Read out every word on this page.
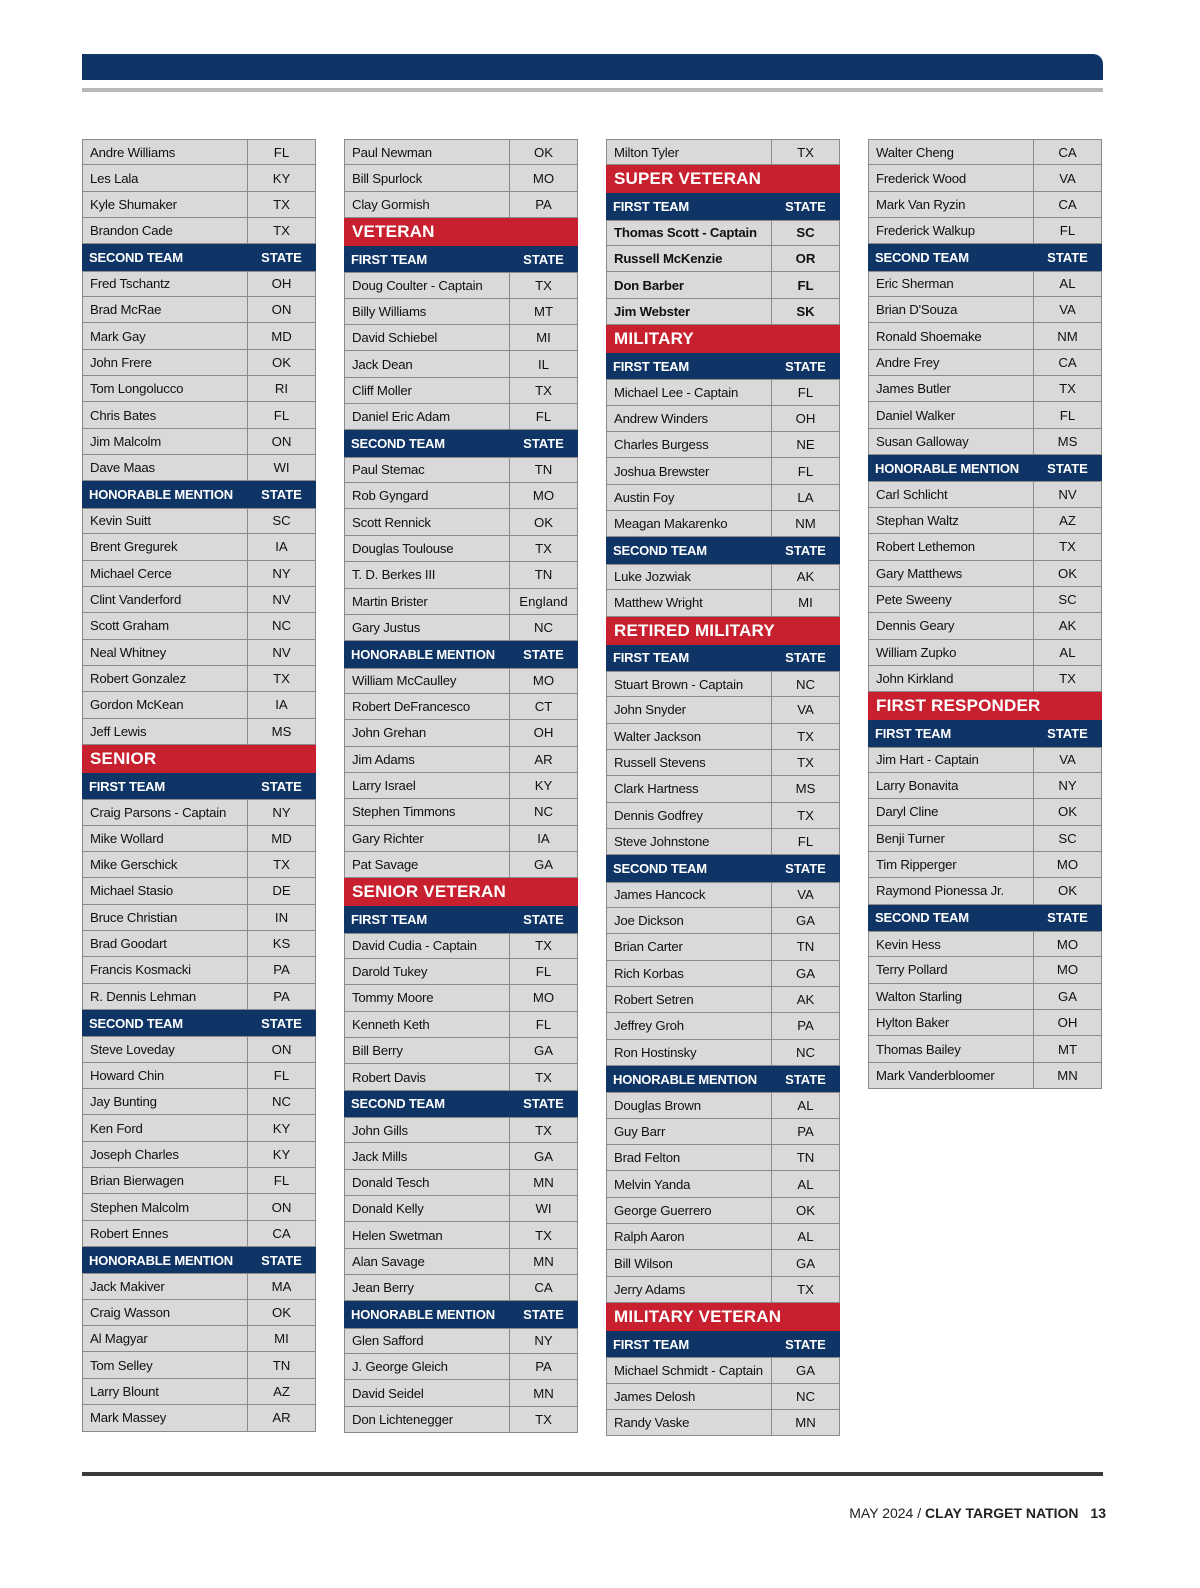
Andre Williams	FL
Les Lala	KY
Kyle Shumaker	TX
Brandon Cade	TX
SECOND TEAM	STATE
Fred Tschantz	OH
Brad McRae	ON
Mark Gay	MD
John Frere	OK
Tom Longolucco	RI
Chris Bates	FL
Jim Malcolm	ON
Dave Maas	WI
HONORABLE MENTION	STATE
Kevin Suitt	SC
Brent Gregurek	IA
Michael Cerce	NY
Clint Vanderford	NV
Scott Graham	NC
Neal Whitney	NV
Robert Gonzalez	TX
Gordon McKean	IA
Jeff Lewis	MS
SENIOR
FIRST TEAM	STATE
Craig Parsons - Captain	NY
Mike Wollard	MD
Mike Gerschick	TX
Michael Stasio	DE
Bruce Christian	IN
Brad Goodart	KS
Francis Kosmacki	PA
R. Dennis Lehman	PA
SECOND TEAM	STATE
Steve Loveday	ON
Howard Chin	FL
Jay Bunting	NC
Ken Ford	KY
Joseph Charles	KY
Brian Bierwagen	FL
Stephen Malcolm	ON
Robert Ennes	CA
HONORABLE MENTION	STATE
Jack Makiver	MA
Craig Wasson	OK
Al Magyar	MI
Tom Selley	TN
Larry Blount	AZ
Mark Massey	AR
Paul Newman	OK
Bill Spurlock	MO
Clay Gormish	PA
VETERAN
FIRST TEAM	STATE
Doug Coulter - Captain	TX
Billy Williams	MT
David Schiebel	MI
Jack Dean	IL
Cliff Moller	TX
Daniel Eric Adam	FL
SECOND TEAM	STATE
Paul Stemac	TN
Rob Gyngard	MO
Scott Rennick	OK
Douglas Toulouse	TX
T. D. Berkes III	TN
Martin Brister	England
Gary Justus	NC
HONORABLE MENTION	STATE
William McCaulley	MO
Robert DeFrancesco	CT
John Grehan	OH
Jim Adams	AR
Larry Israel	KY
Stephen Timmons	NC
Gary Richter	IA
Pat Savage	GA
SENIOR VETERAN
FIRST TEAM	STATE
David Cudia - Captain	TX
Darold Tukey	FL
Tommy Moore	MO
Kenneth Keth	FL
Bill Berry	GA
Robert Davis	TX
SECOND TEAM	STATE
John Gills	TX
Jack Mills	GA
Donald Tesch	MN
Donald Kelly	WI
Helen Swetman	TX
Alan Savage	MN
Jean Berry	CA
HONORABLE MENTION	STATE
Glen Safford	NY
J. George Gleich	PA
David Seidel	MN
Don Lichtenegger	TX
Milton Tyler	TX
SUPER VETERAN
FIRST TEAM	STATE
Thomas Scott - Captain	SC
Russell McKenzie	OR
Don Barber	FL
Jim Webster	SK
MILITARY
FIRST TEAM	STATE
Michael Lee - Captain	FL
Andrew Winders	OH
Charles Burgess	NE
Joshua Brewster	FL
Austin Foy	LA
Meagan Makarenko	NM
SECOND TEAM	STATE
Luke Jozwiak	AK
Matthew Wright	MI
RETIRED MILITARY
FIRST TEAM	STATE
Stuart Brown - Captain	NC
John Snyder	VA
Walter Jackson	TX
Russell Stevens	TX
Clark Hartness	MS
Dennis Godfrey	TX
Steve Johnstone	FL
SECOND TEAM	STATE
James Hancock	VA
Joe Dickson	GA
Brian Carter	TN
Rich Korbas	GA
Robert Setren	AK
Jeffrey Groh	PA
Ron Hostinsky	NC
HONORABLE MENTION	STATE
Douglas Brown	AL
Guy Barr	PA
Brad Felton	TN
Melvin Yanda	AL
George Guerrero	OK
Ralph Aaron	AL
Bill Wilson	GA
Jerry Adams	TX
MILITARY VETERAN
FIRST TEAM	STATE
Michael Schmidt - Captain	GA
James Delosh	NC
Randy Vaske	MN
Walter Cheng	CA
Frederick Wood	VA
Mark Van Ryzin	CA
Frederick Walkup	FL
SECOND TEAM	STATE
Eric Sherman	AL
Brian D'Souza	VA
Ronald Shoemake	NM
Andre Frey	CA
James Butler	TX
Daniel Walker	FL
Susan Galloway	MS
HONORABLE MENTION	STATE
Carl Schlicht	NV
Stephan Waltz	AZ
Robert Lethemon	TX
Gary Matthews	OK
Pete Sweeny	SC
Dennis Geary	AK
William Zupko	AL
John Kirkland	TX
FIRST RESPONDER
FIRST TEAM	STATE
Jim Hart - Captain	VA
Larry Bonavita	NY
Daryl Cline	OK
Benji Turner	SC
Tim Ripperger	MO
Raymond Pionessa Jr.	OK
SECOND TEAM	STATE
Kevin Hess	MO
Terry Pollard	MO
Walton Starling	GA
Hylton Baker	OH
Thomas Bailey	MT
Mark Vanderbloomer	MN
MAY 2024 / CLAY TARGET NATION 13
